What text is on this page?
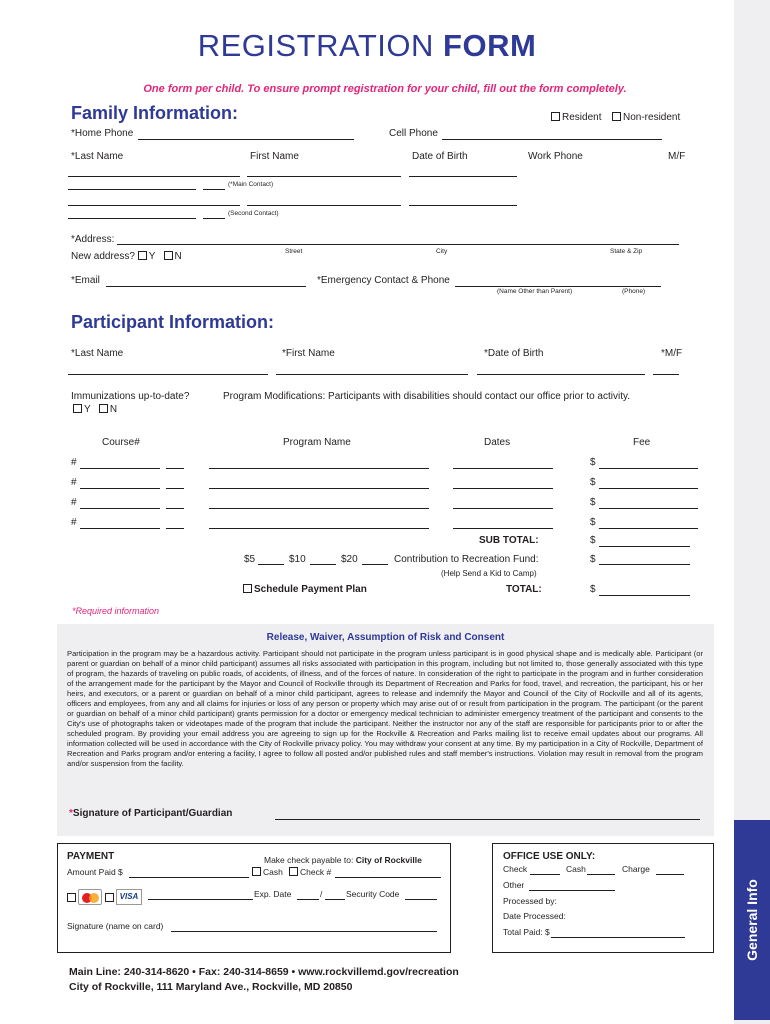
General Info
REGISTRATION FORM
One form per child. To ensure prompt registration for your child, fill out the form completely.
Family Information:	Resident	Non-resident
*Home Phone	Cell Phone
*Last Name	First Name	Date of Birth	Work Phone	M/F
(*Main Contact)
(Second Contact)
*Address:
Street	City	State & Zip
New address? Y N
*Email	*Emergency Contact & Phone
(Name Other than Parent)	(Phone)
Participant Information:
*Last Name	*First Name	*Date of Birth	*M/F
Immunizations up-to-date?
Y N
Program Modifications: Participants with disabilities should contact our office prior to activity.
Course#	Program Name	Dates	Fee
#	$
#	$
#	$
#	$
SUB TOTAL:	$
$5	$10	$20	Contribution to Recreation Fund:	$
(Help Send a Kid to Camp)
Schedule Payment Plan	TOTAL:	$
*Required information
Release, Waiver, Assumption of Risk and Consent
Participation in the program may be a hazardous activity. Participant should not participate in the program unless participant is in good physical shape and is medically able. Participant (or parent or guardian on behalf of a minor child participant) assumes all risks associated with participation in this program, including but not limited to, those generally associated with this type of program, the hazards of traveling on public roads, of accidents, of illness, and of the forces of nature. In consideration of the right to participate in the program and in further consideration of the arrangement made for the participant by the Mayor and Council of Rockville through its Department of Recreation and Parks for food, travel, and recreation, the participant, his or her heirs, and executors, or a parent or guardian on behalf of a minor child participant, agrees to release and indemnify the Mayor and Council of the City of Rockville and all of its agents, officers and employees, from any and all claims for injuries or loss of any person or property which may arise out of or result from participation in the program. The participant (or the parent or guardian on behalf of a minor child participant) grants permission for a doctor or emergency medical technician to administer emergency treatment of the participant and consents to the City's use of photographs taken or videotapes made of the program that include the participant. Neither the instructor nor any of the staff are responsible for participants prior to or after the scheduled program. By providing your email address you are agreeing to sign up for the Rockville & Recreation and Parks mailing list to receive email updates about our programs. All information collected will be used in accordance with the City of Rockville privacy policy. You may withdraw your consent at any time. By my participation in a City of Rockville, Department of Recreation and Parks program and/or entering a facility, I agree to follow all posted and/or published rules and staff member's instructions. Violation may result in removal from the program and/or suspension from the facility.
*Signature of Participant/Guardian
PAYMENT	Make check payable to: City of Rockville
Amount Paid $	Cash	Check #
VISA	Exp. Date	/	Security Code
Signature (name on card)
OFFICE USE ONLY:
Check	Cash	Charge
Other
Processed by:
Date Processed:
Total Paid: $
Main Line: 240-314-8620 • Fax: 240-314-8659 • www.rockvillemd.gov/recreation
City of Rockville, 111 Maryland Ave., Rockville, MD 20850
